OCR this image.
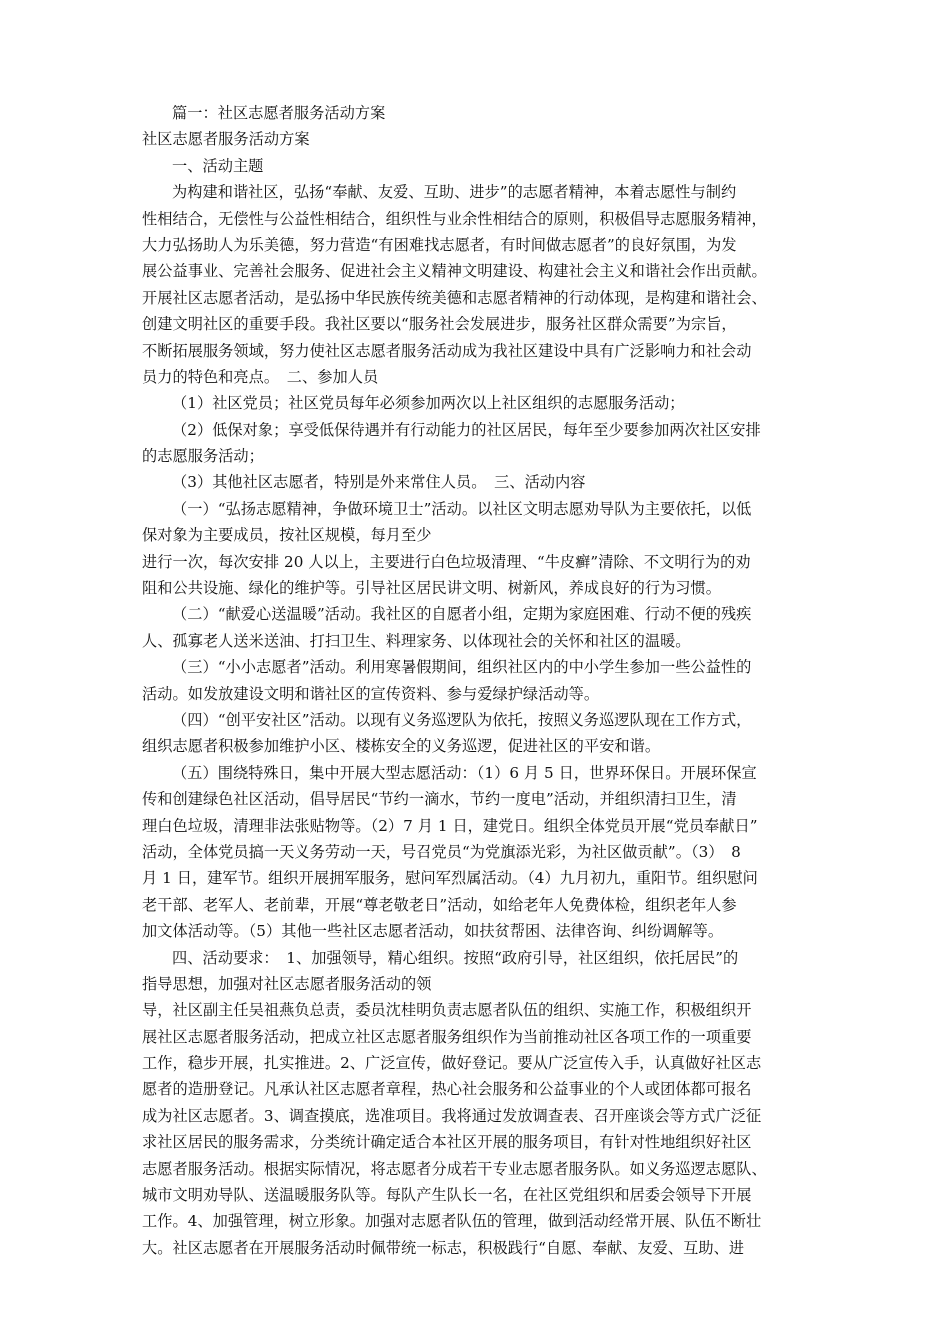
篇一：社区志愿者服务活动方案
社区志愿者服务活动方案
一、活动主题
为构建和谐社区，弘扬“奉献、友爱、互助、进步”的志愿者精神，本着志愿性与制约
性相结合，无偿性与公益性相结合，组织性与业余性相结合的原则，积极倡导志愿服务精神，
大力弘扬助人为乐美德，努力营造“有困难找志愿者，有时间做志愿者”的良好氛围，为发
展公益事业、完善社会服务、促进社会主义精神文明建设、构建社会主义和谐社会作出贡献。
开展社区志愿者活动，是弘扬中华民族传统美德和志愿者精神的行动体现，是构建和谐社会、
创建文明社区的重要手段。我社区要以“服务社会发展进步，服务社区群众需要”为宗旨，
不断拓展服务领域，努力使社区志愿者服务活动成为我社区建设中具有广泛影响力和社会动
员力的特色和亮点。　二、参加人员
（1）社区党员；社区党员每年必须参加两次以上社区组织的志愿服务活动；
（2）低保对象；享受低保待遇并有行动能力的社区居民，每年至少要参加两次社区安排
的志愿服务活动；
（3）其他社区志愿者，特别是外来常住人员。　三、活动内容
（一）“弘扬志愿精神，争做环境卫士”活动。以社区文明志愿劝导队为主要依托，以低
保对象为主要成员，按社区规模，每月至少
进行一次，每次安排 20 人以上，主要进行白色垃圾清理、“牛皮癣”清除、不文明行为的劝
阻和公共设施、绿化的维护等。引导社区居民讲文明、树新风，养成良好的行为习惯。
（二）“献爱心送温暖”活动。我社区的自愿者小组，定期为家庭困难、行动不便的残疾
人、孤寡老人送米送油、打扫卫生、料理家务、以体现社会的关怀和社区的温暖。
（三）“小小志愿者”活动。利用寒暑假期间，组织社区内的中小学生参加一些公益性的
活动。如发放建设文明和谐社区的宣传资料、参与爱绿护绿活动等。
（四）“创平安社区”活动。以现有义务巡逻队为依托，按照义务巡逻队现在工作方式，
组织志愿者积极参加维护小区、楼栋安全的义务巡逻，促进社区的平安和谐。
（五）围绕特殊日，集中开展大型志愿活动：（1）6 月 5 日，世界环保日。开展环保宣
传和创建绿色社区活动，倡导居民“节约一滴水，节约一度电”活动，并组织清扫卫生，清
理白色垃圾，清理非法张贴物等。（2）7 月 1 日，建党日。组织全体党员开展“党员奉献日”
活动，全体党员搞一天义务劳动一天，号召党员“为党旗添光彩，为社区做贡献”。（3）　8
月 1 日，建军节。组织开展拥军服务，慰问军烈属活动。（4）九月初九，重阳节。组织慰问
老干部、老军人、老前辈，开展“尊老敬老日”活动，如给老年人免费体检，组织老年人参
加文体活动等。（5）其他一些社区志愿者活动，如扶贫帮困、法律咨询、纠纷调解等。
四、活动要求：　1、加强领导，精心组织。按照“政府引导，社区组织，依托居民”的
指导思想，加强对社区志愿者服务活动的领
导，社区副主任吴祖燕负总责，委员沈桂明负责志愿者队伍的组织、实施工作，积极组织开
展社区志愿者服务活动，把成立社区志愿者服务组织作为当前推动社区各项工作的一项重要
工作，稳步开展，扎实推进。2、广泛宣传，做好登记。要从广泛宣传入手，认真做好社区志
愿者的造册登记。凡承认社区志愿者章程，热心社会服务和公益事业的个人或团体都可报名
成为社区志愿者。3、调查摸底，选准项目。我将通过发放调查表、召开座谈会等方式广泛征
求社区居民的服务需求，分类统计确定适合本社区开展的服务项目，有针对性地组织好社区
志愿者服务活动。根据实际情况，将志愿者分成若干专业志愿者服务队。如义务巡逻志愿队、
城市文明劝导队、送温暖服务队等。每队产生队长一名，在社区党组织和居委会领导下开展
工作。4、加强管理，树立形象。加强对志愿者队伍的管理，做到活动经常开展、队伍不断壮
大。社区志愿者在开展服务活动时佩带统一标志，积极践行“自愿、奉献、友爱、互助、进
